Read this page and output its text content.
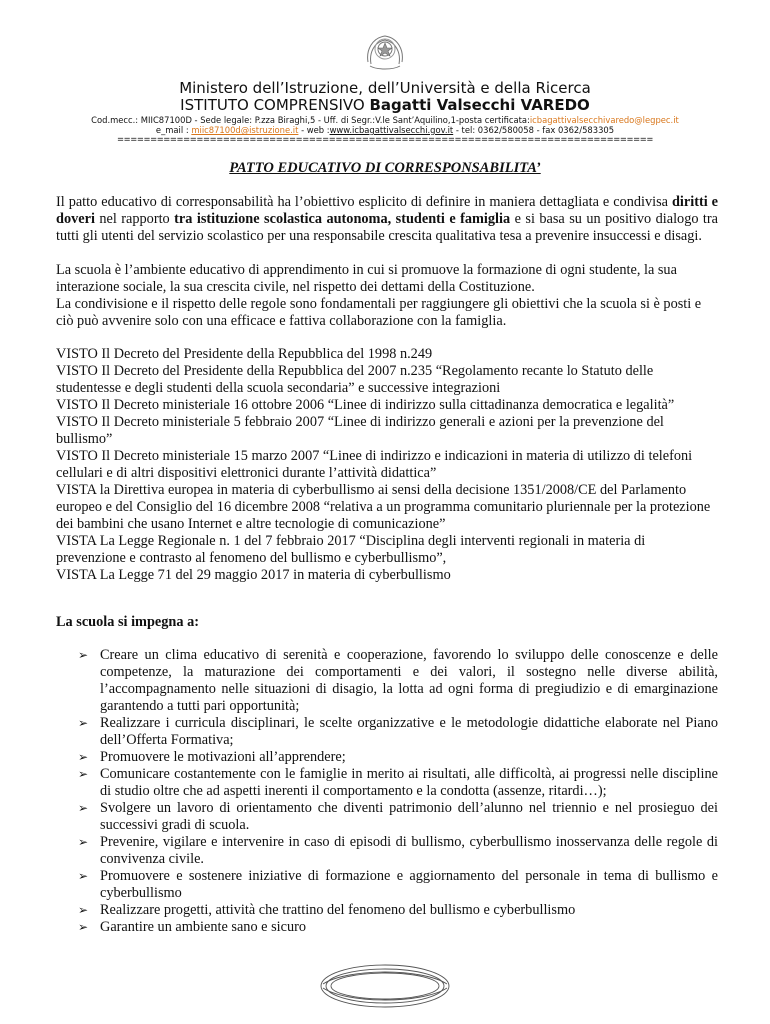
Ministero dell’Istruzione, dell’Università e della Ricerca
ISTITUTO COMPRENSIVO Bagatti Valsecchi VAREDO
Cod.mecc.: MIIC87100D - Sede legale: P.zza Biraghi,5 - Uff. di Segr.:V.le Sant’Aquilino,1-posta certificata:icbagattivalsecchivaredo@legpec.it
e_mail : miic87100d@istruzione.it - web :www.icbagattivalsecchi.gov.it - tel: 0362/580058 - fax 0362/583305
=================================================================================
PATTO EDUCATIVO DI CORRESPONSABILITA’
Il patto educativo di corresponsabilità ha l’obiettivo esplicito di definire in maniera dettagliata e condivisa diritti e doveri nel rapporto tra istituzione scolastica autonoma, studenti e famiglia e si basa su un positivo dialogo tra tutti gli utenti del servizio scolastico per una responsabile crescita qualitativa tesa a prevenire insuccessi e disagi.
La scuola è l’ambiente educativo di apprendimento in cui si promuove la formazione di ogni studente, la sua interazione sociale, la sua crescita civile, nel rispetto dei dettami della Costituzione.
La condivisione e il rispetto delle regole sono fondamentali per raggiungere gli obiettivi che la scuola si è posti e ciò può avvenire solo con una efficace e fattiva collaborazione con la famiglia.
VISTO Il Decreto del Presidente della Repubblica del 1998 n.249
VISTO Il Decreto del Presidente della Repubblica del 2007 n.235 “Regolamento recante lo Statuto delle studentesse e degli studenti della scuola secondaria” e successive integrazioni
VISTO Il Decreto ministeriale 16 ottobre 2006 “Linee di indirizzo sulla cittadinanza democratica e legalità”
VISTO Il Decreto ministeriale 5 febbraio 2007 “Linee di indirizzo generali e azioni per la prevenzione del bullismo”
VISTO Il Decreto ministeriale 15 marzo 2007 “Linee di indirizzo e indicazioni in materia di utilizzo di telefoni cellulari e di altri dispositivi elettronici durante l’attività didattica”
VISTA la Direttiva europea in materia di cyberbullismo ai sensi della decisione 1351/2008/CE del Parlamento europeo e del Consiglio del 16 dicembre 2008 “relativa a un programma comunitario pluriennale per la protezione dei bambini che usano Internet e altre tecnologie di comunicazione”
VISTA La Legge Regionale n. 1 del 7 febbraio 2017 “Disciplina degli interventi regionali in materia di prevenzione e contrasto al fenomeno del bullismo e cyberbullismo”,
VISTA La Legge 71 del 29 maggio 2017 in materia di cyberbullismo
La scuola si impegna a:
➢ Creare un clima educativo di serenità e cooperazione, favorendo lo sviluppo delle conoscenze e delle competenze, la maturazione dei comportamenti e dei valori, il sostegno nelle diverse abilità, l’accompagnamento nelle situazioni di disagio, la lotta ad ogni forma di pregiudizio e di emarginazione garantendo a tutti pari opportunità;
➢ Realizzare i curricula disciplinari, le scelte organizzative e le metodologie didattiche elaborate nel Piano dell’Offerta Formativa;
➢ Promuovere le motivazioni all’apprendere;
➢ Comunicare costantemente con le famiglie in merito ai risultati, alle difficoltà, ai progressi nelle discipline di studio oltre che ad aspetti inerenti il comportamento e la condotta (assenze, ritardi…);
➢ Svolgere un lavoro di orientamento che diventi patrimonio dell’alunno nel triennio e nel prosieguo dei successivi gradi di scuola.
➢ Prevenire, vigilare e intervenire in caso di episodi di bullismo, cyberbullismo inosservanza delle regole di convivenza civile.
➢ Promuovere e sostenere iniziative di formazione e aggiornamento del personale in tema di bullismo e cyberbullismo
➢ Realizzare progetti, attività che trattino del fenomeno del bullismo e cyberbullismo
➢ Garantire un ambiente sano e sicuro
